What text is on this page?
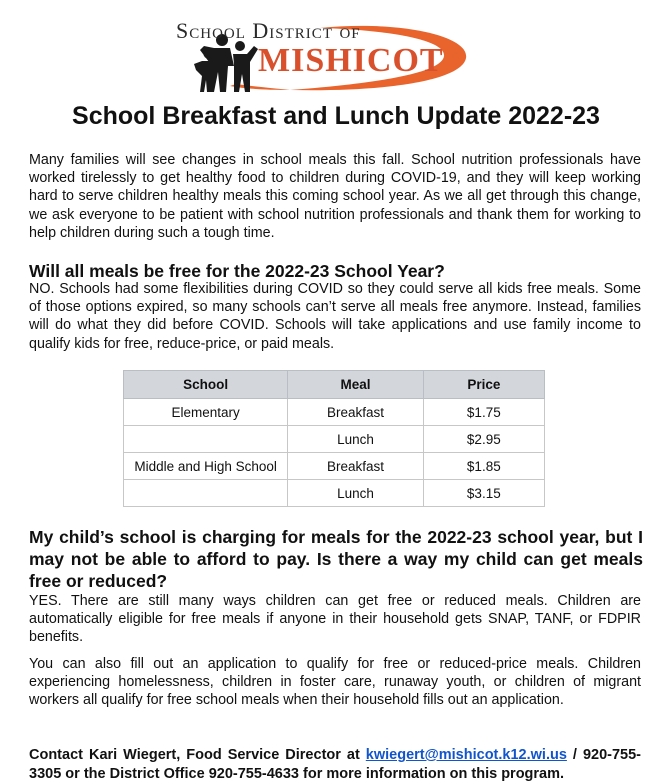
School District of
MISHICOT
School Breakfast and Lunch Update 2022-23

Many families will see changes in school meals this fall. School nutrition professionals have worked tirelessly to get healthy food to children during COVID-19, and they will keep working hard to serve children healthy meals this coming school year. As we all get through this change, we ask everyone to be patient with school nutrition professionals and thank them for working to help children during such a tough time.

Will all meals be free for the 2022-23 School Year?

NO. Schools had some flexibilities during COVID so they could serve all kids free meals. Some of those options expired, so many schools can’t serve all meals free anymore. Instead, families will do what they did before COVID. Schools will take applications and use family income to qualify kids for free, reduce-price, or paid meals.

School	Meal	Price
Elementary	Breakfast	$1.75
	Lunch	$2.95
Middle and High School	Breakfast	$1.85
	Lunch	$3.15
My child’s school is charging for meals for the 2022-23 school year, but I may not be able to afford to pay. Is there a way my child can get meals free or reduced?

YES. There are still many ways children can get free or reduced meals. Children are automatically eligible for free meals if anyone in their household gets SNAP, TANF, or FDPIR benefits.

You can also fill out an application to qualify for free or reduced-price meals. Children experiencing homelessness, children in foster care, runaway youth, or children of migrant workers all qualify for free school meals when their household fills out an application.

Contact Kari Wiegert, Food Service Director at kwiegert@mishicot.k12.wi.us / 920-755-3305 or the District Office 920-755-4633 for more information on this program.
